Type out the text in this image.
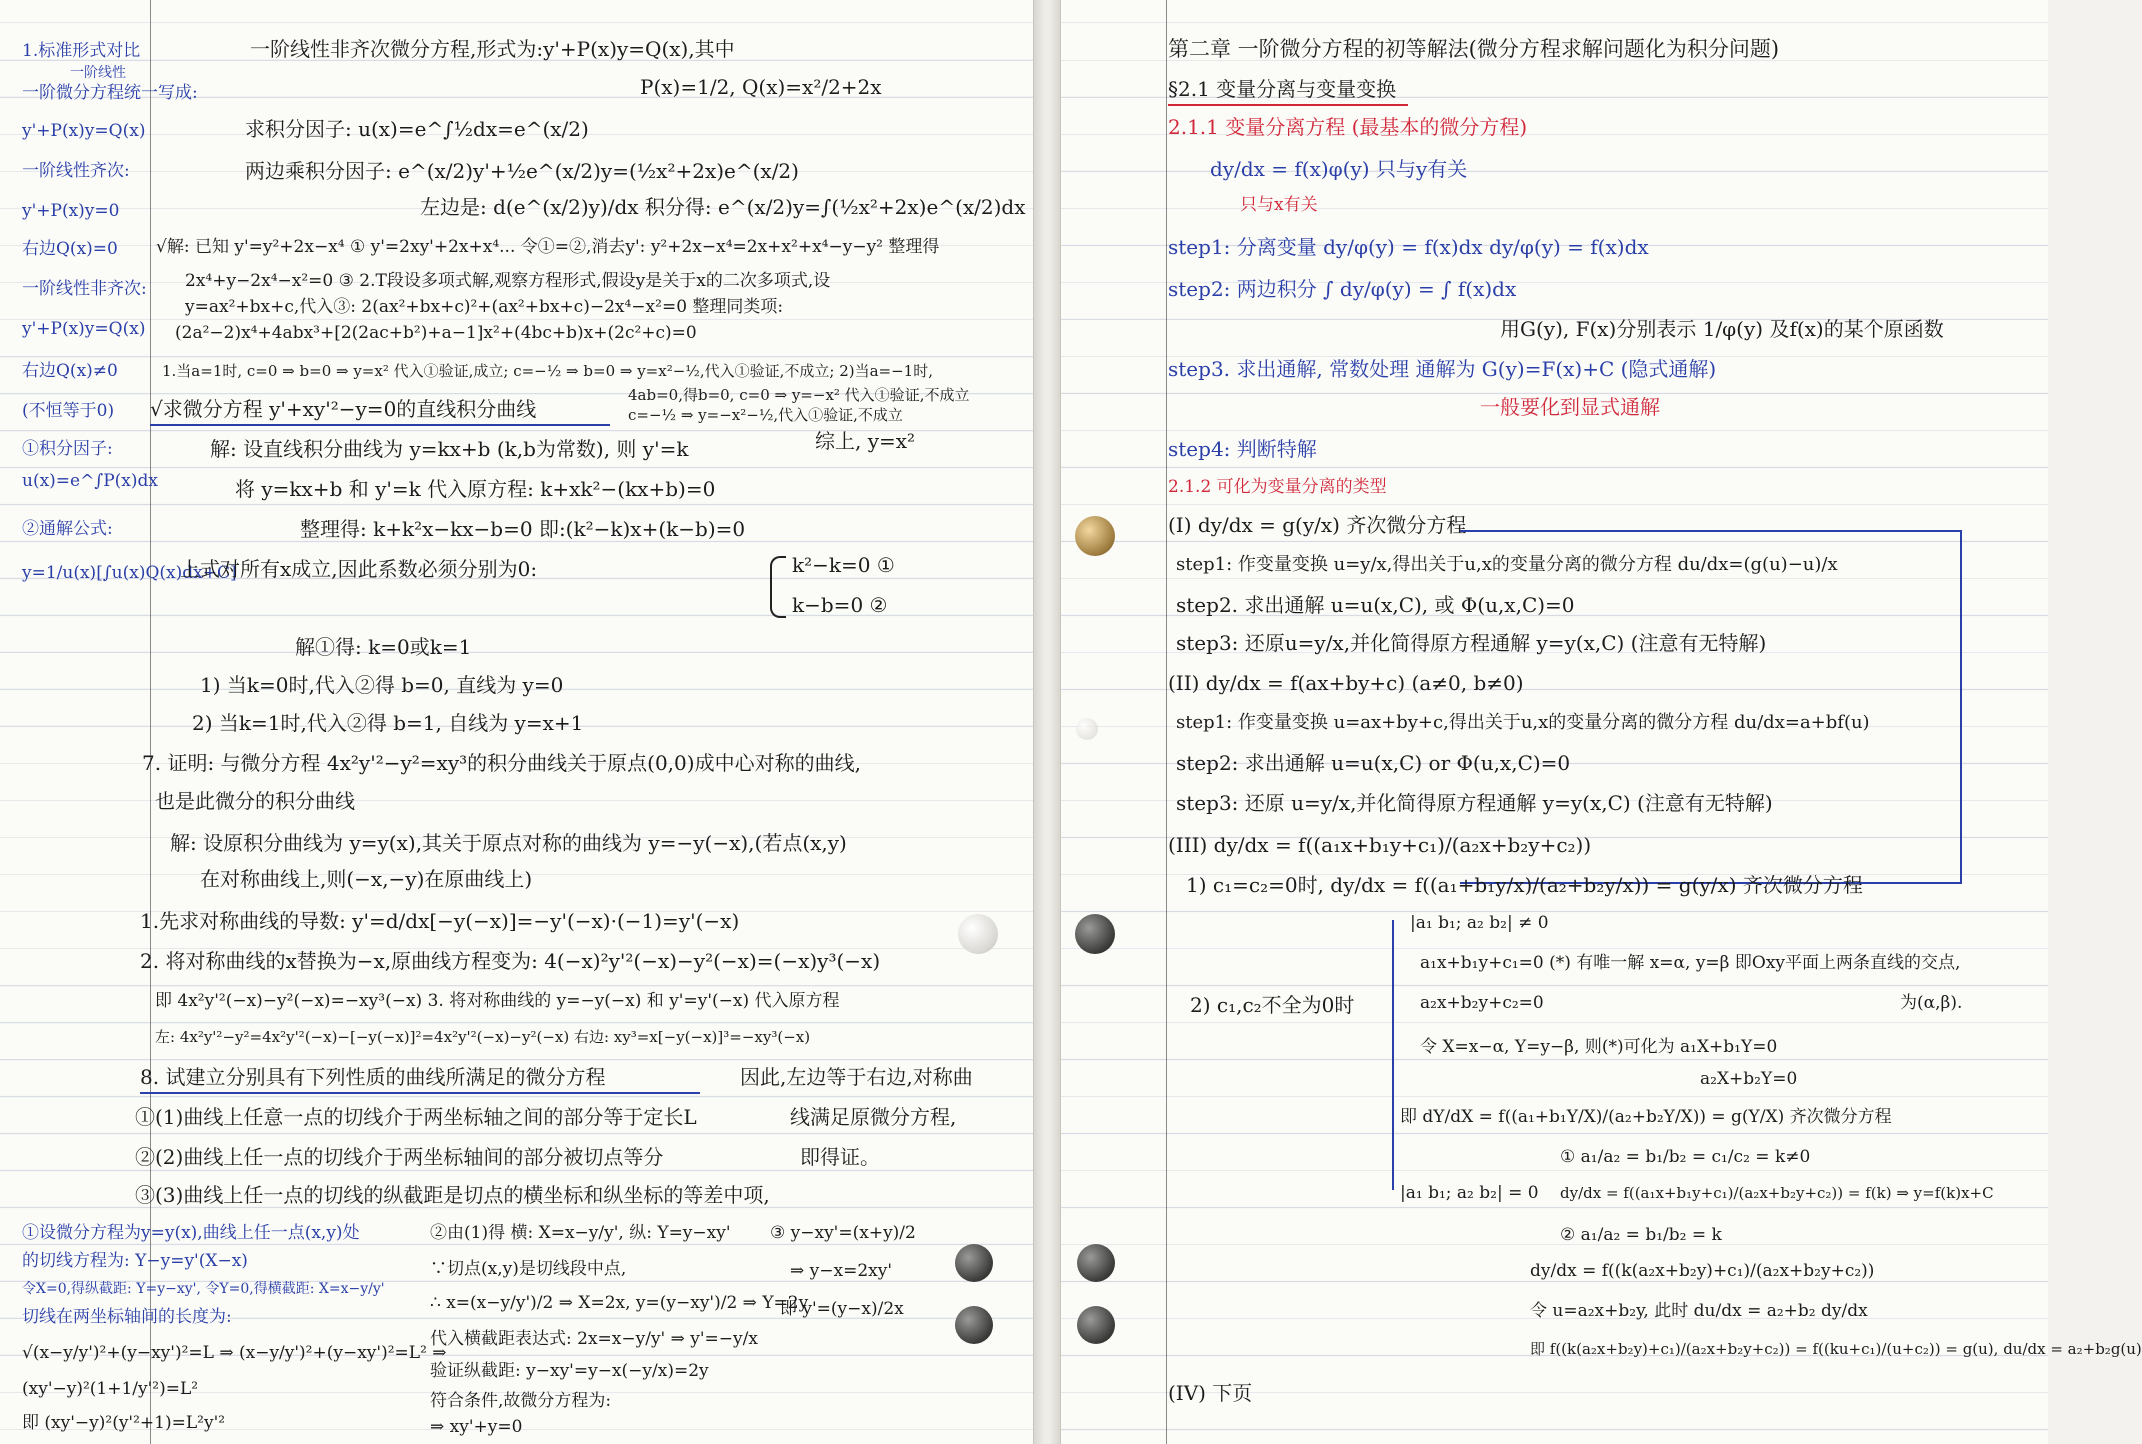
1.标准形式对比
一阶线性
一阶微分方程统一写成:
y'+P(x)y=Q(x)
一阶线性齐次:
y'+P(x)y=0
右边Q(x)=0
一阶线性非齐次:
y'+P(x)y=Q(x)
右边Q(x)≠0
(不恒等于0)
①积分因子:
u(x)=e^∫P(x)dx
②通解公式:
y=1/u(x)[∫u(x)Q(x)dx+C]
一阶线性非齐次微分方程,形式为:y'+P(x)y=Q(x),其中
P(x)=1/2, Q(x)=x²/2+2x
求积分因子: u(x)=e^∫½dx=e^(x/2)
两边乘积分因子: e^(x/2)y'+½e^(x/2)y=(½x²+2x)e^(x/2)
左边是: d(e^(x/2)y)/dx 积分得: e^(x/2)y=∫(½x²+2x)e^(x/2)dx
√解: 已知 y'=y²+2x−x⁴ ① y'=2xy'+2x+x⁴... 令①=②,消去y': y²+2x−x⁴=2x+x²+x⁴−y−y² 整理得
2x⁴+y−2x⁴−x²=0 ③ 2.T段设多项式解,观察方程形式,假设y是关于x的二次多项式,设
y=ax²+bx+c,代入③: 2(ax²+bx+c)²+(ax²+bx+c)−2x⁴−x²=0 整理同类项:
(2a²−2)x⁴+4abx³+[2(2ac+b²)+a−1]x²+(4bc+b)x+(2c²+c)=0
1.当a=1时, c=0 ⇒ b=0 ⇒ y=x² 代入①验证,成立; c=−½ ⇒ b=0 ⇒ y=x²−½,代入①验证,不成立; 2)当a=−1时,
4ab=0,得b=0, c=0 ⇒ y=−x² 代入①验证,不成立
c=−½ ⇒ y=−x²−½,代入①验证,不成立
√求微分方程 y'+xy'²−y=0的直线积分曲线
综上, y=x²
解: 设直线积分曲线为 y=kx+b (k,b为常数), 则 y'=k
将 y=kx+b 和 y'=k 代入原方程: k+xk²−(kx+b)=0
整理得: k+k²x−kx−b=0 即:(k²−k)x+(k−b)=0
上式对所有x成立,因此系数必须分别为0:	k²−k=0 ①
k−b=0 ②
解①得: k=0或k=1
1) 当k=0时,代入②得 b=0, 直线为 y=0
2) 当k=1时,代入②得 b=1, 自线为 y=x+1
7. 证明: 与微分方程 4x²y'²−y²=xy³的积分曲线关于原点(0,0)成中心对称的曲线,
也是此微分的积分曲线
解: 设原积分曲线为 y=y(x),其关于原点对称的曲线为 y=−y(−x),(若点(x,y)
在对称曲线上,则(−x,−y)在原曲线上)
1.先求对称曲线的导数: y'=d/dx[−y(−x)]=−y'(−x)·(−1)=y'(−x)
2. 将对称曲线的x替换为−x,原曲线方程变为: 4(−x)²y'²(−x)−y²(−x)=(−x)y³(−x)
即 4x²y'²(−x)−y²(−x)=−xy³(−x) 3. 将对称曲线的 y=−y(−x) 和 y'=y'(−x) 代入原方程
左: 4x²y'²−y²=4x²y'²(−x)−[−y(−x)]²=4x²y'²(−x)−y²(−x) 右边: xy³=x[−y(−x)]³=−xy³(−x)
8. 试建立分别具有下列性质的曲线所满足的微分方程	因此,左边等于右边,对称曲
线满足原微分方程,
即得证。
①(1)曲线上任意一点的切线介于两坐标轴之间的部分等于定长L
②(2)曲线上任一点的切线介于两坐标轴间的部分被切点等分
③(3)曲线上任一点的切线的纵截距是切点的横坐标和纵坐标的等差中项,
①设微分方程为y=y(x),曲线上任一点(x,y)处
的切线方程为: Y−y=y'(X−x)
令X=0,得纵截距: Y=y−xy', 令Y=0,得横截距: X=x−y/y'
切线在两坐标轴间的长度为:
√(x−y/y')²+(y−xy')²=L ⇒ (x−y/y')²+(y−xy')²=L² ⇒
(xy'−y)²(1+1/y'²)=L²
即 (xy'−y)²(y'²+1)=L²y'²
②由(1)得 横: X=x−y/y', 纵: Y=y−xy'
∵切点(x,y)是切线段中点,
∴ x=(x−y/y')/2 ⇒ X=2x, y=(y−xy')/2 ⇒ Y=2y
代入横截距表达式: 2x=x−y/y' ⇒ y'=−y/x
验证纵截距: y−xy'=y−x(−y/x)=2y
符合条件,故微分方程为:
⇒ xy'+y=0
③ y−xy'=(x+y)/2
⇒ y−x=2xy'
即 y'=(y−x)/2x
第二章 一阶微分方程的初等解法(微分方程求解问题化为积分问题)
§2.1 变量分离与变量变换
2.1.1 变量分离方程 (最基本的微分方程)
dy/dx = f(x)φ(y) 只与y有关
只与x有关
step1: 分离变量 dy/φ(y) = f(x)dx dy/φ(y) = f(x)dx
step2: 两边积分 ∫ dy/φ(y) = ∫ f(x)dx
用G(y), F(x)分别表示 1/φ(y) 及f(x)的某个原函数
step3. 求出通解, 常数处理 通解为 G(y)=F(x)+C (隐式通解)
一般要化到显式通解
step4: 判断特解
2.1.2 可化为变量分离的类型
(I) dy/dx = g(y/x) 齐次微分方程
step1: 作变量变换 u=y/x,得出关于u,x的变量分离的微分方程 du/dx=(g(u)−u)/x
step2. 求出通解 u=u(x,C), 或 Φ(u,x,C)=0
step3: 还原u=y/x,并化简得原方程通解 y=y(x,C) (注意有无特解)
(II) dy/dx = f(ax+by+c) (a≠0, b≠0)
step1: 作变量变换 u=ax+by+c,得出关于u,x的变量分离的微分方程 du/dx=a+bf(u)
step2: 求出通解 u=u(x,C) or Φ(u,x,C)=0
step3: 还原 u=y/x,并化简得原方程通解 y=y(x,C) (注意有无特解)
(III) dy/dx = f((a₁x+b₁y+c₁)/(a₂x+b₂y+c₂))
1) c₁=c₂=0时, dy/dx = f((a₁+b₁y/x)/(a₂+b₂y/x)) = g(y/x) 齐次微分方程
|a₁ b₁; a₂ b₂| ≠ 0
a₁x+b₁y+c₁=0 (*) 有唯一解 x=α, y=β 即Oxy平面上两条直线的交点,
a₂x+b₂y+c₂=0	为(α,β).
2) c₁,c₂不全为0时
令 X=x−α, Y=y−β, 则(*)可化为 a₁X+b₁Y=0
a₂X+b₂Y=0
即 dY/dX = f((a₁+b₁Y/X)/(a₂+b₂Y/X)) = g(Y/X) 齐次微分方程
|a₁ b₁; a₂ b₂| = 0
① a₁/a₂ = b₁/b₂ = c₁/c₂ = k≠0
dy/dx = f((a₁x+b₁y+c₁)/(a₂x+b₂y+c₂)) = f(k) ⇒ y=f(k)x+C
② a₁/a₂ = b₁/b₂ = k
dy/dx = f((k(a₂x+b₂y)+c₁)/(a₂x+b₂y+c₂))
令 u=a₂x+b₂y, 此时 du/dx = a₂+b₂ dy/dx
即 f((k(a₂x+b₂y)+c₁)/(a₂x+b₂y+c₂)) = f((ku+c₁)/(u+c₂)) = g(u), du/dx = a₂+b₂g(u)
(IV) 下页
